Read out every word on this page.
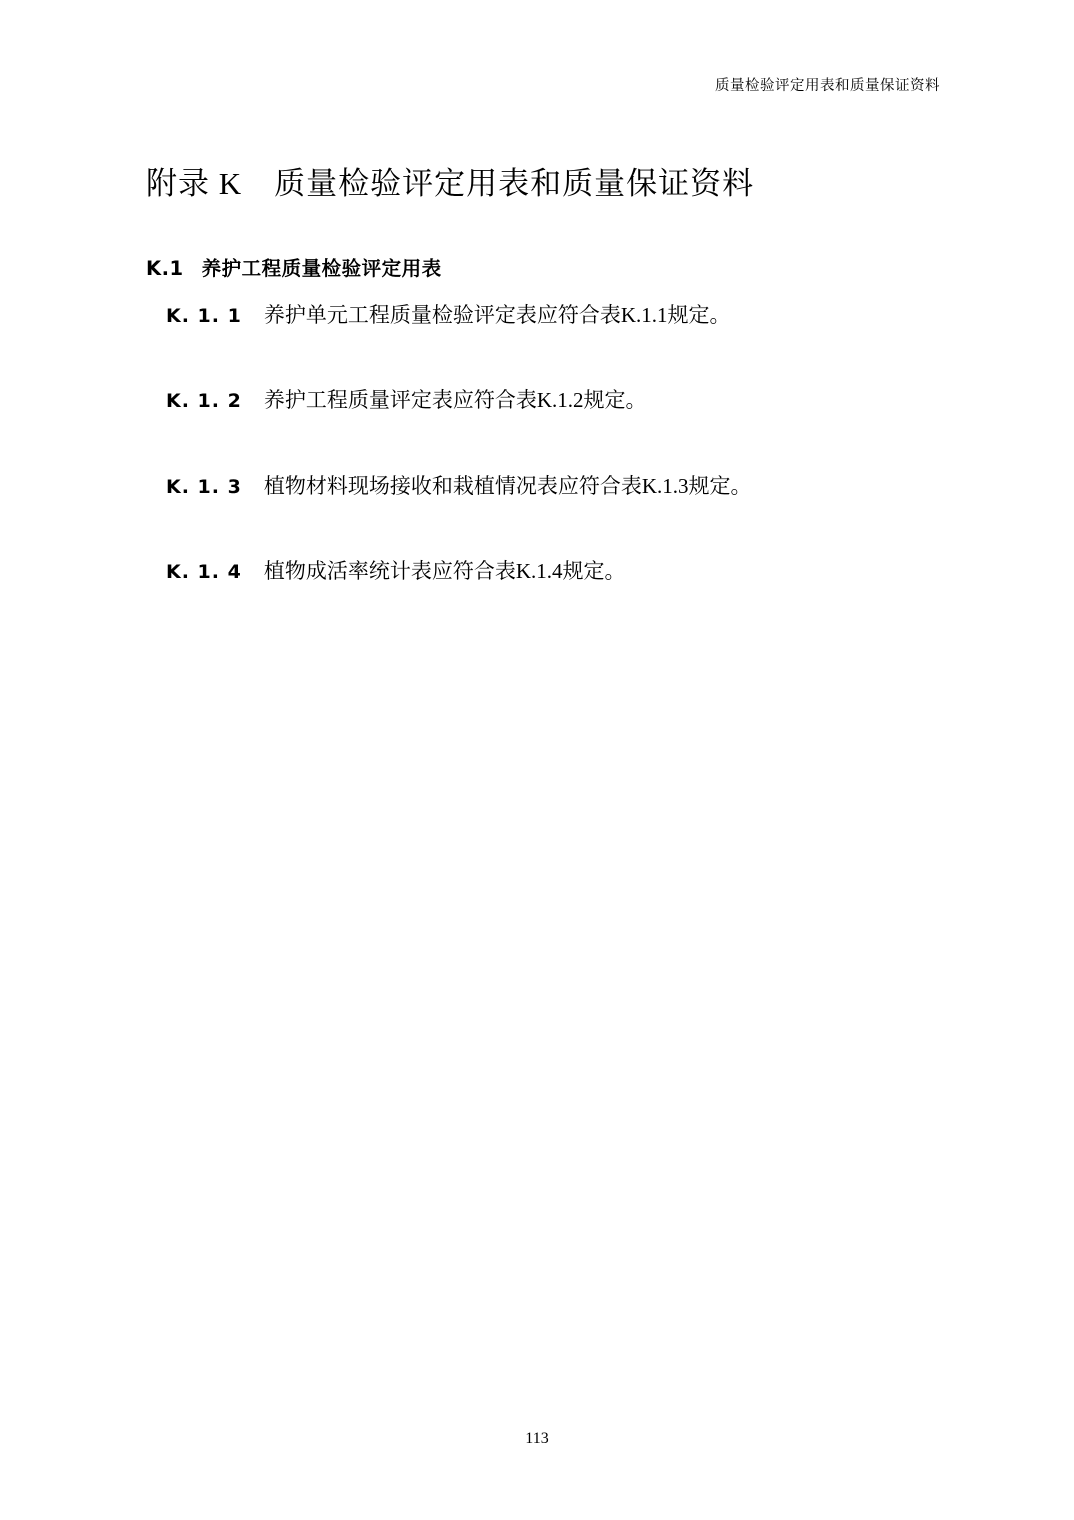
质量检验评定用表和质量保证资料
附录 K 质量检验评定用表和质量保证资料
K.1 养护工程质量检验评定用表
K. 1. 1 养护单元工程质量检验评定表应符合表K.1.1规定。
K. 1. 2 养护工程质量评定表应符合表K.1.2规定。
K. 1. 3 植物材料现场接收和栽植情况表应符合表K.1.3规定。
K. 1. 4 植物成活率统计表应符合表K.1.4规定。
113
